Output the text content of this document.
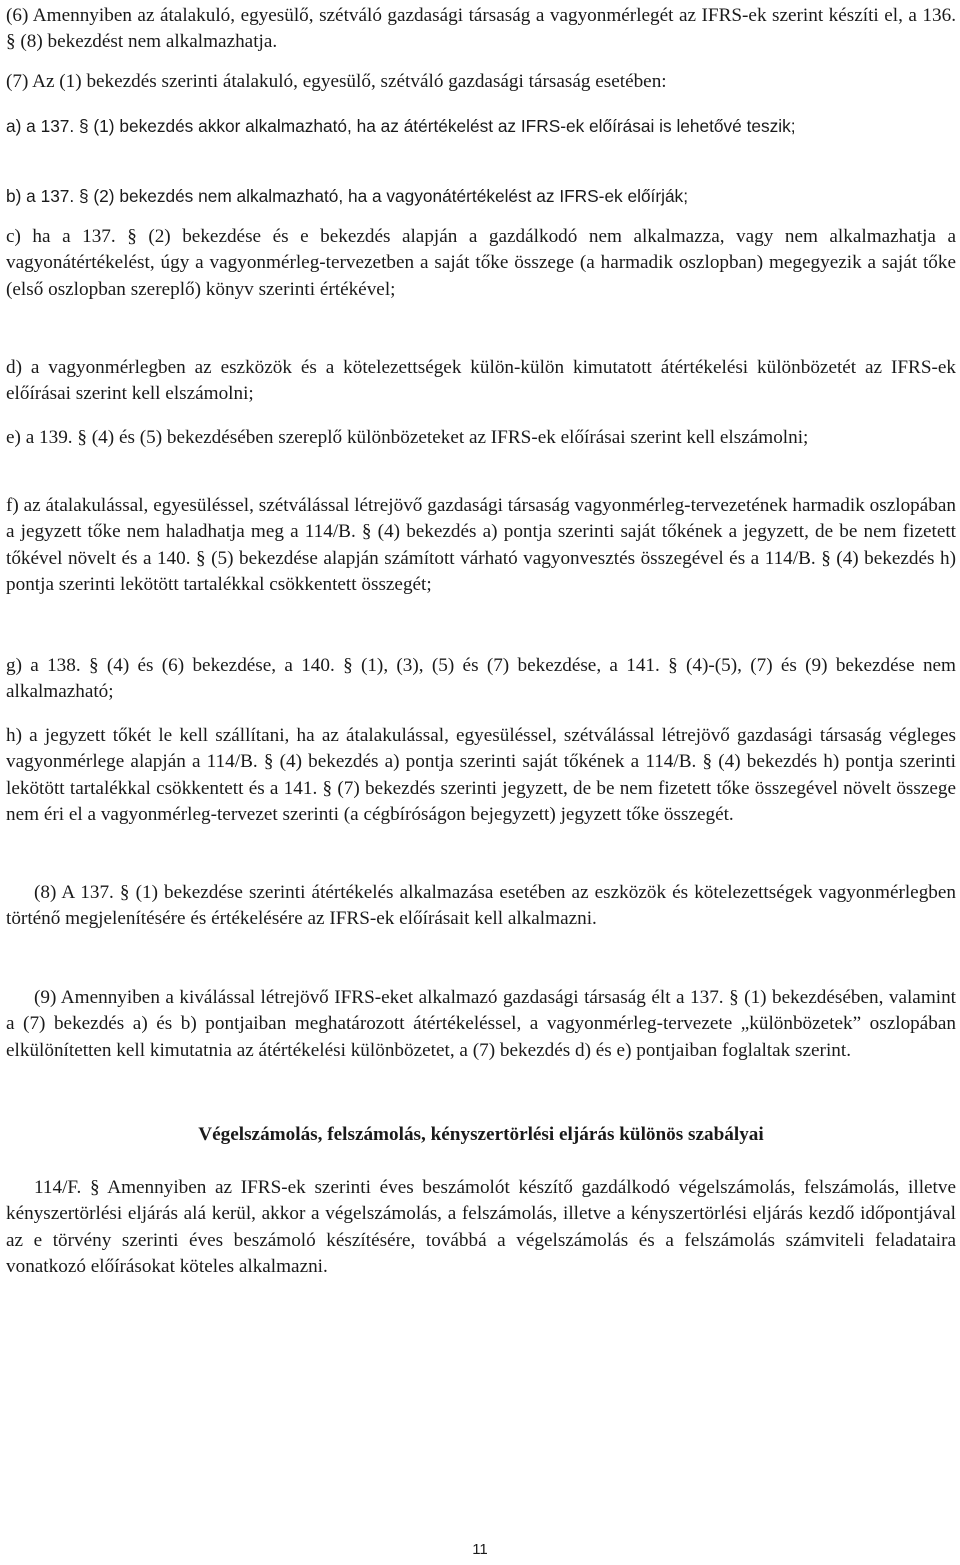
(6) Amennyiben az átalakuló, egyesülő, szétváló gazdasági társaság a vagyonmérlegét az IFRS-ek szerint készíti el, a 136. § (8) bekezdést nem alkalmazhatja.

(7) Az (1) bekezdés szerinti átalakuló, egyesülő, szétváló gazdasági társaság esetében:

a) a 137. § (1) bekezdés akkor alkalmazható, ha az átértékelést az IFRS-ek előírásai is lehetővé teszik;

b) a 137. § (2) bekezdés nem alkalmazható, ha a vagyonátértékelést az IFRS-ek előírják;

c) ha a 137. § (2) bekezdése és e bekezdés alapján a gazdálkodó nem alkalmazza, vagy nem alkalmazhatja a vagyonátértékelést, úgy a vagyonmérleg-tervezetben a saját tőke összege (a harmadik oszlopban) megegyezik a saját tőke (első oszlopban szereplő) könyv szerinti értékével;

d) a vagyonmérlegben az eszközök és a kötelezettségek külön-külön kimutatott átértékelési különbözetét az IFRS-ek előírásai szerint kell elszámolni;

e) a 139. § (4) és (5) bekezdésében szereplő különbözeteket az IFRS-ek előírásai szerint kell elszámolni;

f) az átalakulással, egyesüléssel, szétválással létrejövő gazdasági társaság vagyonmérleg-tervezetének harmadik oszlopában a jegyzett tőke nem haladhatja meg a 114/B. § (4) bekezdés a) pontja szerinti saját tőkének a jegyzett, de be nem fizetett tőkével növelt és a 140. § (5) bekezdése alapján számított várható vagyonvesztés összegével és a 114/B. § (4) bekezdés h) pontja szerinti lekötött tartalékkal csökkentett összegét;

g) a 138. § (4) és (6) bekezdése, a 140. § (1), (3), (5) és (7) bekezdése, a 141. § (4)-(5), (7) és (9) bekezdése nem alkalmazható;

h) a jegyzett tőkét le kell szállítani, ha az átalakulással, egyesüléssel, szétválással létrejövő gazdasági társaság végleges vagyonmérlege alapján a 114/B. § (4) bekezdés a) pontja szerinti saját tőkének a 114/B. § (4) bekezdés h) pontja szerinti lekötött tartalékkal csökkentett és a 141. § (7) bekezdés szerinti jegyzett, de be nem fizetett tőke összegével növelt összege nem éri el a vagyonmérleg-tervezet szerinti (a cégbíróságon bejegyzett) jegyzett tőke összegét.

(8) A 137. § (1) bekezdése szerinti átértékelés alkalmazása esetében az eszközök és kötelezettségek vagyonmérlegben történő megjelenítésére és értékelésére az IFRS-ek előírásait kell alkalmazni.

(9) Amennyiben a kiválással létrejövő IFRS-eket alkalmazó gazdasági társaság élt a 137. § (1) bekezdésében, valamint a (7) bekezdés a) és b) pontjaiban meghatározott átértékeléssel, a vagyonmérleg-tervezete „különbözetek” oszlopában elkülönítetten kell kimutatnia az átértékelési különbözetet, a (7) bekezdés d) és e) pontjaiban foglaltak szerint.

Végelszámolás, felszámolás, kényszertörlési eljárás különös szabályai

114/F. § Amennyiben az IFRS-ek szerinti éves beszámolót készítő gazdálkodó végelszámolás, felszámolás, illetve kényszertörlési eljárás alá kerül, akkor a végelszámolás, a felszámolás, illetve a kényszertörlési eljárás kezdő időpontjával az e törvény szerinti éves beszámoló készítésére, továbbá a végelszámolás és a felszámolás számviteli feladataira vonatkozó előírásokat köteles alkalmazni.

11
